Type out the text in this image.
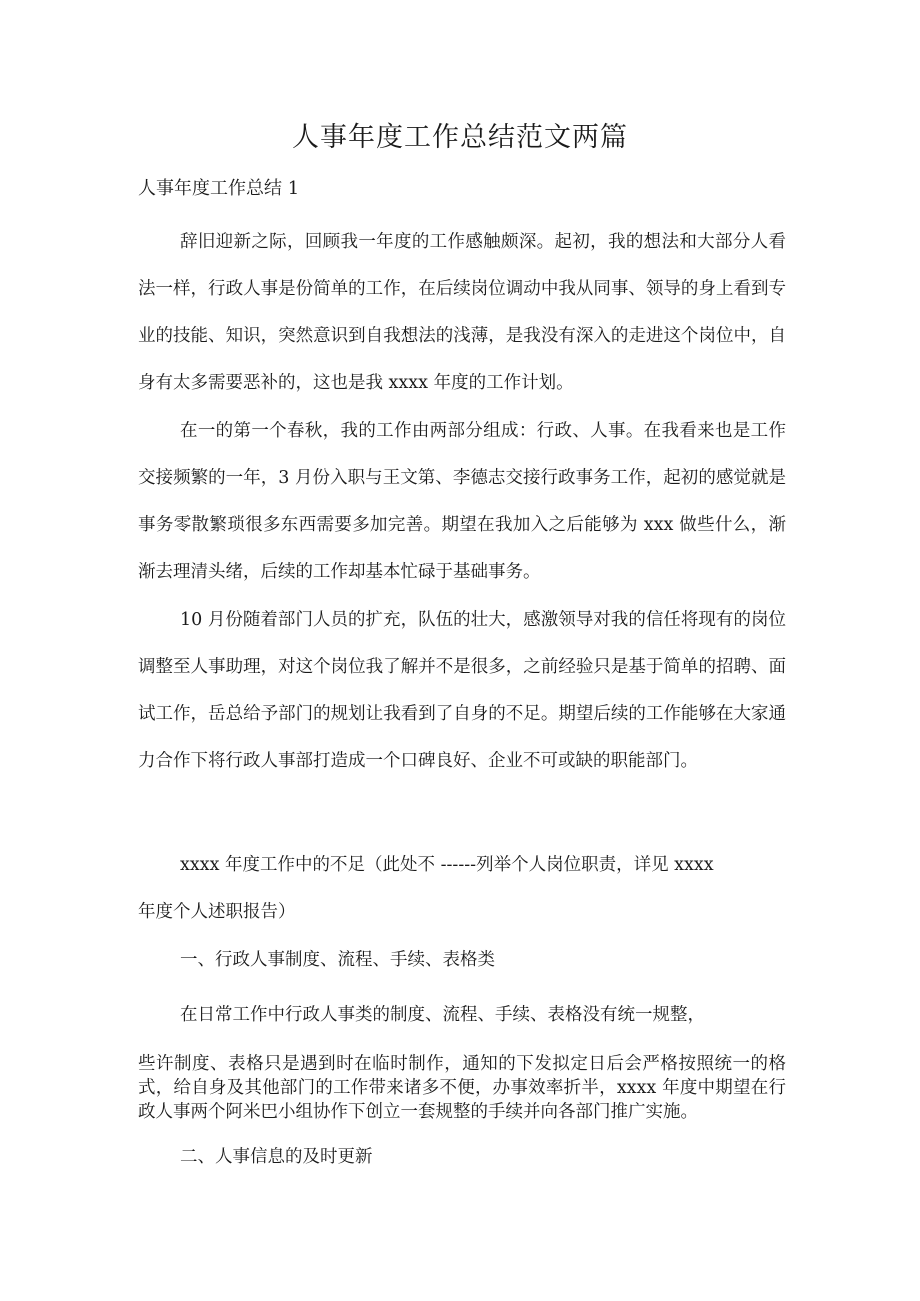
人事年度工作总结范文两篇

人事年度工作总结 1

辞旧迎新之际，回顾我一年度的工作感触颇深。起初，我的想法和大部分人看法一样，行政人事是份简单的工作，在后续岗位调动中我从同事、领导的身上看到专业的技能、知识，突然意识到自我想法的浅薄，是我没有深入的走进这个岗位中，自身有太多需要恶补的，这也是我 xxxx 年度的工作计划。

在一的第一个春秋，我的工作由两部分组成：行政、人事。在我看来也是工作交接频繁的一年，3 月份入职与王文第、李德志交接行政事务工作，起初的感觉就是事务零散繁琐很多东西需要多加完善。期望在我加入之后能够为 xxx 做些什么，渐渐去理清头绪，后续的工作却基本忙碌于基础事务。

10 月份随着部门人员的扩充，队伍的壮大，感激领导对我的信任将现有的岗位调整至人事助理，对这个岗位我了解并不是很多，之前经验只是基于简单的招聘、面试工作，岳总给予部门的规划让我看到了自身的不足。期望后续的工作能够在大家通力合作下将行政人事部打造成一个口碑良好、企业不可或缺的职能部门。

xxxx 年度工作中的不足（此处不 ------列举个人岗位职责，详见 xxxx

年度个人述职报告）

一、行政人事制度、流程、手续、表格类

在日常工作中行政人事类的制度、流程、手续、表格没有统一规整，

些许制度、表格只是遇到时在临时制作，通知的下发拟定日后会严格按照统一的格式，给自身及其他部门的工作带来诸多不便，办事效率折半，xxxx 年度中期望在行政人事两个阿米巴小组协作下创立一套规整的手续并向各部门推广实施。

二、人事信息的及时更新
